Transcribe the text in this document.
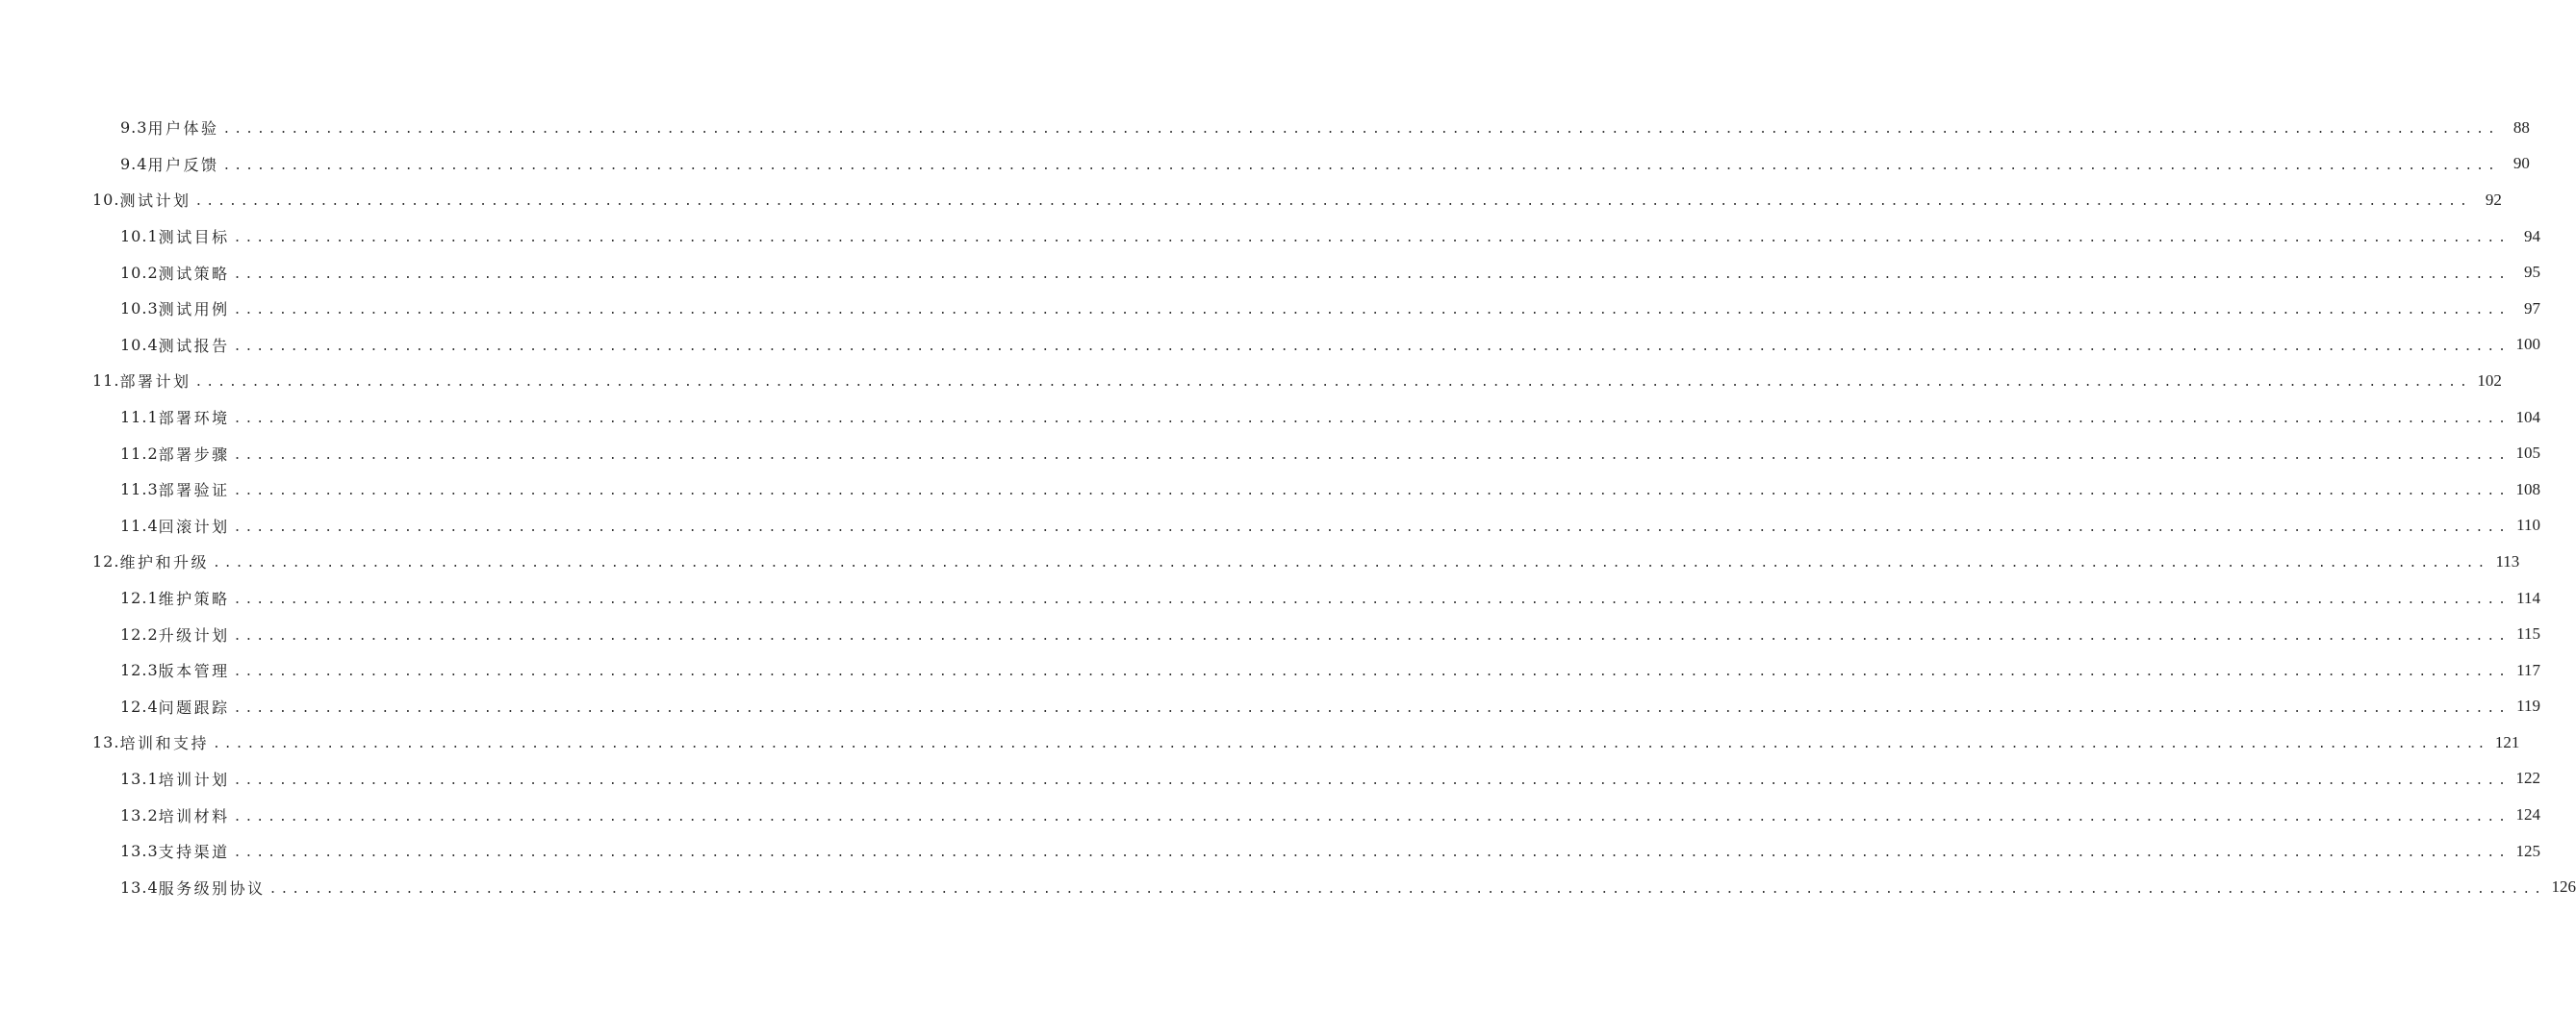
9.3 用户体验 ........................................................................................................................................................................................................ 88
9.4 用户反馈 ........................................................................................................................................................................................................ 90
10. 测试计划 ........................................................................................................................................................................................................ 92
10.1 测试目标 ........................................................................................................................................................................................................ 94
10.2 测试策略 ........................................................................................................................................................................................................ 95
10.3 测试用例 ........................................................................................................................................................................................................ 97
10.4 测试报告 ........................................................................................................................................................................................................ 100
11. 部署计划 ........................................................................................................................................................................................................ 102
11.1 部署环境 ........................................................................................................................................................................................................ 104
11.2 部署步骤 ........................................................................................................................................................................................................ 105
11.3 部署验证 ........................................................................................................................................................................................................ 108
11.4 回滚计划 ........................................................................................................................................................................................................ 110
12. 维护和升级 ........................................................................................................................................................................................................ 113
12.1 维护策略 ........................................................................................................................................................................................................ 114
12.2 升级计划 ........................................................................................................................................................................................................ 115
12.3 版本管理 ........................................................................................................................................................................................................ 117
12.4 问题跟踪 ........................................................................................................................................................................................................ 119
13. 培训和支持 ........................................................................................................................................................................................................ 121
13.1 培训计划 ........................................................................................................................................................................................................ 122
13.2 培训材料 ........................................................................................................................................................................................................ 124
13.3 支持渠道 ........................................................................................................................................................................................................ 125
13.4 服务级别协议 ........................................................................................................................................................................................................ 126
